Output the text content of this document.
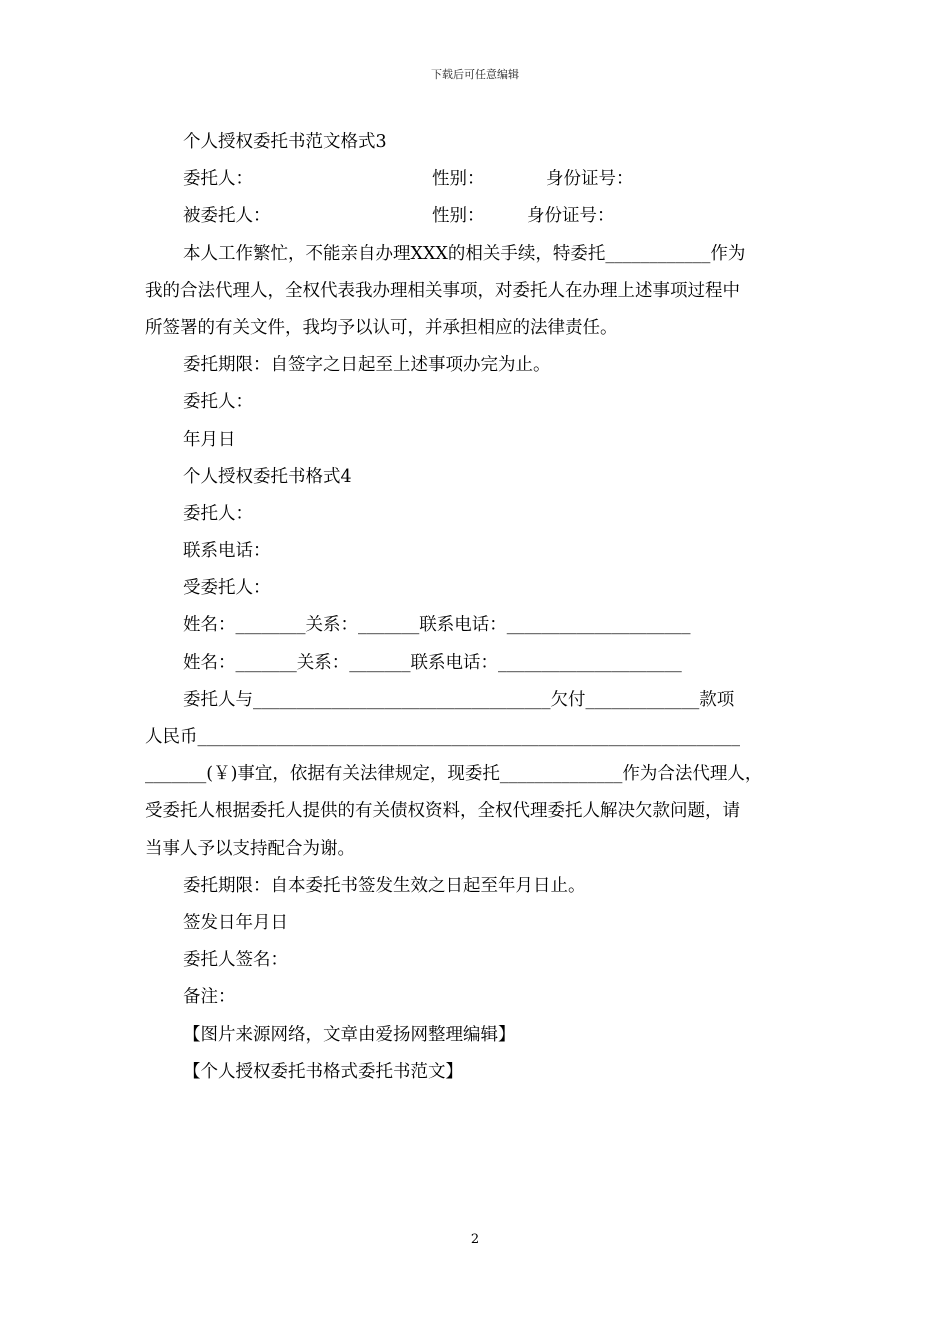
下载后可任意编辑
个人授权委托书范文格式3
委托人：	性别：	身份证号：
被委托人：	性别： 身份证号：
本人工作繁忙，不能亲自办理XXX的相关手续，特委托____________作为
我的合法代理人，全权代表我办理相关事项，对委托人在办理上述事项过程中
所签署的有关文件，我均予以认可，并承担相应的法律责任。
委托期限：自签字之日起至上述事项办完为止。
委托人：
年月日
个人授权委托书格式4
委托人：
联系电话：
受委托人：
姓名：________关系：_______联系电话：_____________________
姓名：_______关系：_______联系电话：_____________________
委托人与__________________________________欠付_____________款项
人民币______________________________________________________________
_______(￥)事宜，依据有关法律规定，现委托______________作为合法代理人，
受委托人根据委托人提供的有关债权资料，全权代理委托人解决欠款问题，请
当事人予以支持配合为谢。
委托期限：自本委托书签发生效之日起至年月日止。
签发日年月日
委托人签名：
备注：
【图片来源网络，文章由爱扬网整理编辑】
【个人授权委托书格式委托书范文】
2
